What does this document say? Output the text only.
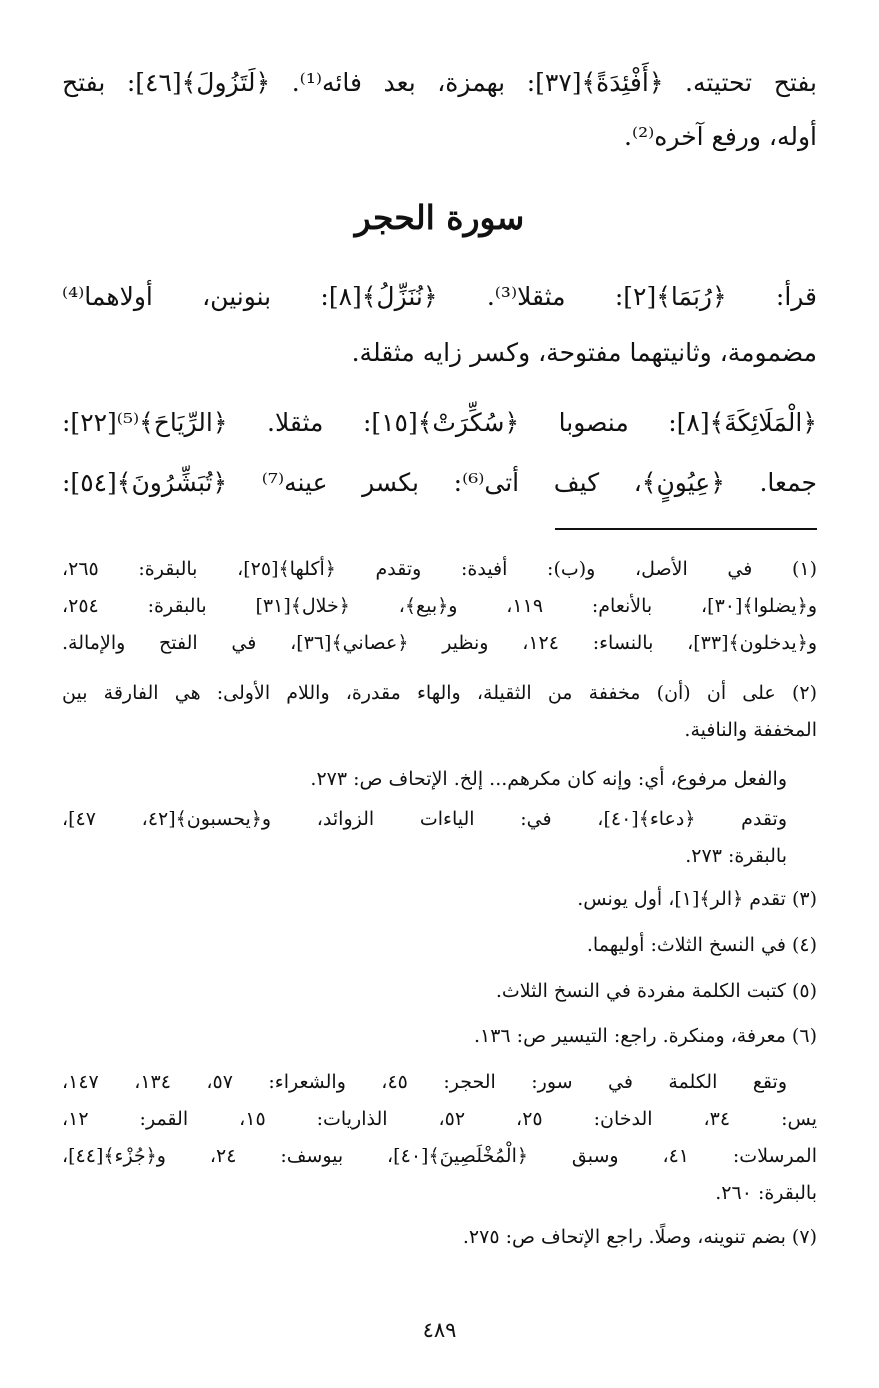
بفتح تحتيته. ﴿أَفْئِدَةً﴾[٣٧]: بهمزة، بعد فائه⁽¹⁾. ﴿لَتَزُولَ﴾[٤٦]: بفتح
أوله، ورفع آخره⁽²⁾.
سورة الحجر
قرأ: ﴿رُبَمَا﴾[٢]: مثقلا⁽³⁾. ﴿نُنَزِّلُ﴾[٨]: بنونين، أولاهما⁽⁴⁾
مضمومة، وثانيتهما مفتوحة، وكسر زايه مثقلة.
﴿الْمَلَائِكَةَ﴾[٨]: منصوبا ﴿سُكِّرَتْ﴾[١٥]: مثقلا. ﴿الرِّيَاحَ﴾⁽⁵⁾[٢٢]:
جمعا. ﴿عِيُونٍ﴾، كيف أتى⁽⁶⁾: بكسر عينه⁽⁷⁾ ﴿تُبَشِّرُونَ﴾[٥٤]:
(١) في الأصل، و(ب): أفيدة: وتقدم ﴿أكلها﴾[٢٥]، بالبقرة: ٢٦٥،
و﴿يضلوا﴾[٣٠]، بالأنعام: ١١٩، و﴿بيع﴾، ﴿خلال﴾[٣١] بالبقرة: ٢٥٤،
و﴿يدخلون﴾[٣٣]، بالنساء: ١٢٤، ونظير ﴿عصاني﴾[٣٦]، في الفتح والإمالة.
(٢) على أن (أن) مخففة من الثقيلة، والهاء مقدرة، واللام الأولى: هي الفارقة بين
المخففة والنافية.
والفعل مرفوع، أي: وإنه كان مكرهم... إلخ. الإتحاف ص: ٢٧٣.
وتقدم ﴿دعاء﴾[٤٠]، في: الياءات الزوائد، و﴿يحسبون﴾[٤٢، ٤٧]،
بالبقرة: ٢٧٣.
(٣) تقدم ﴿الر﴾[١]، أول يونس.
(٤) في النسخ الثلاث: أوليهما.
(٥) كتبت الكلمة مفردة في النسخ الثلاث.
(٦) معرفة، ومنكرة. راجع: التيسير ص: ١٣٦.
وتقع الكلمة في سور: الحجر: ٤٥، والشعراء: ٥٧، ١٣٤، ١٤٧،
يس: ٣٤، الدخان: ٢٥، ٥٢، الذاريات: ١٥، القمر: ١٢،
المرسلات: ٤١، وسبق ﴿الْمُخْلَصِينَ﴾[٤٠]، بيوسف: ٢٤، و﴿جُزْء﴾[٤٤]،
بالبقرة: ٢٦٠.
(٧) بضم تنوينه، وصلًا. راجع الإتحاف ص: ٢٧٥.
٤٨٩
